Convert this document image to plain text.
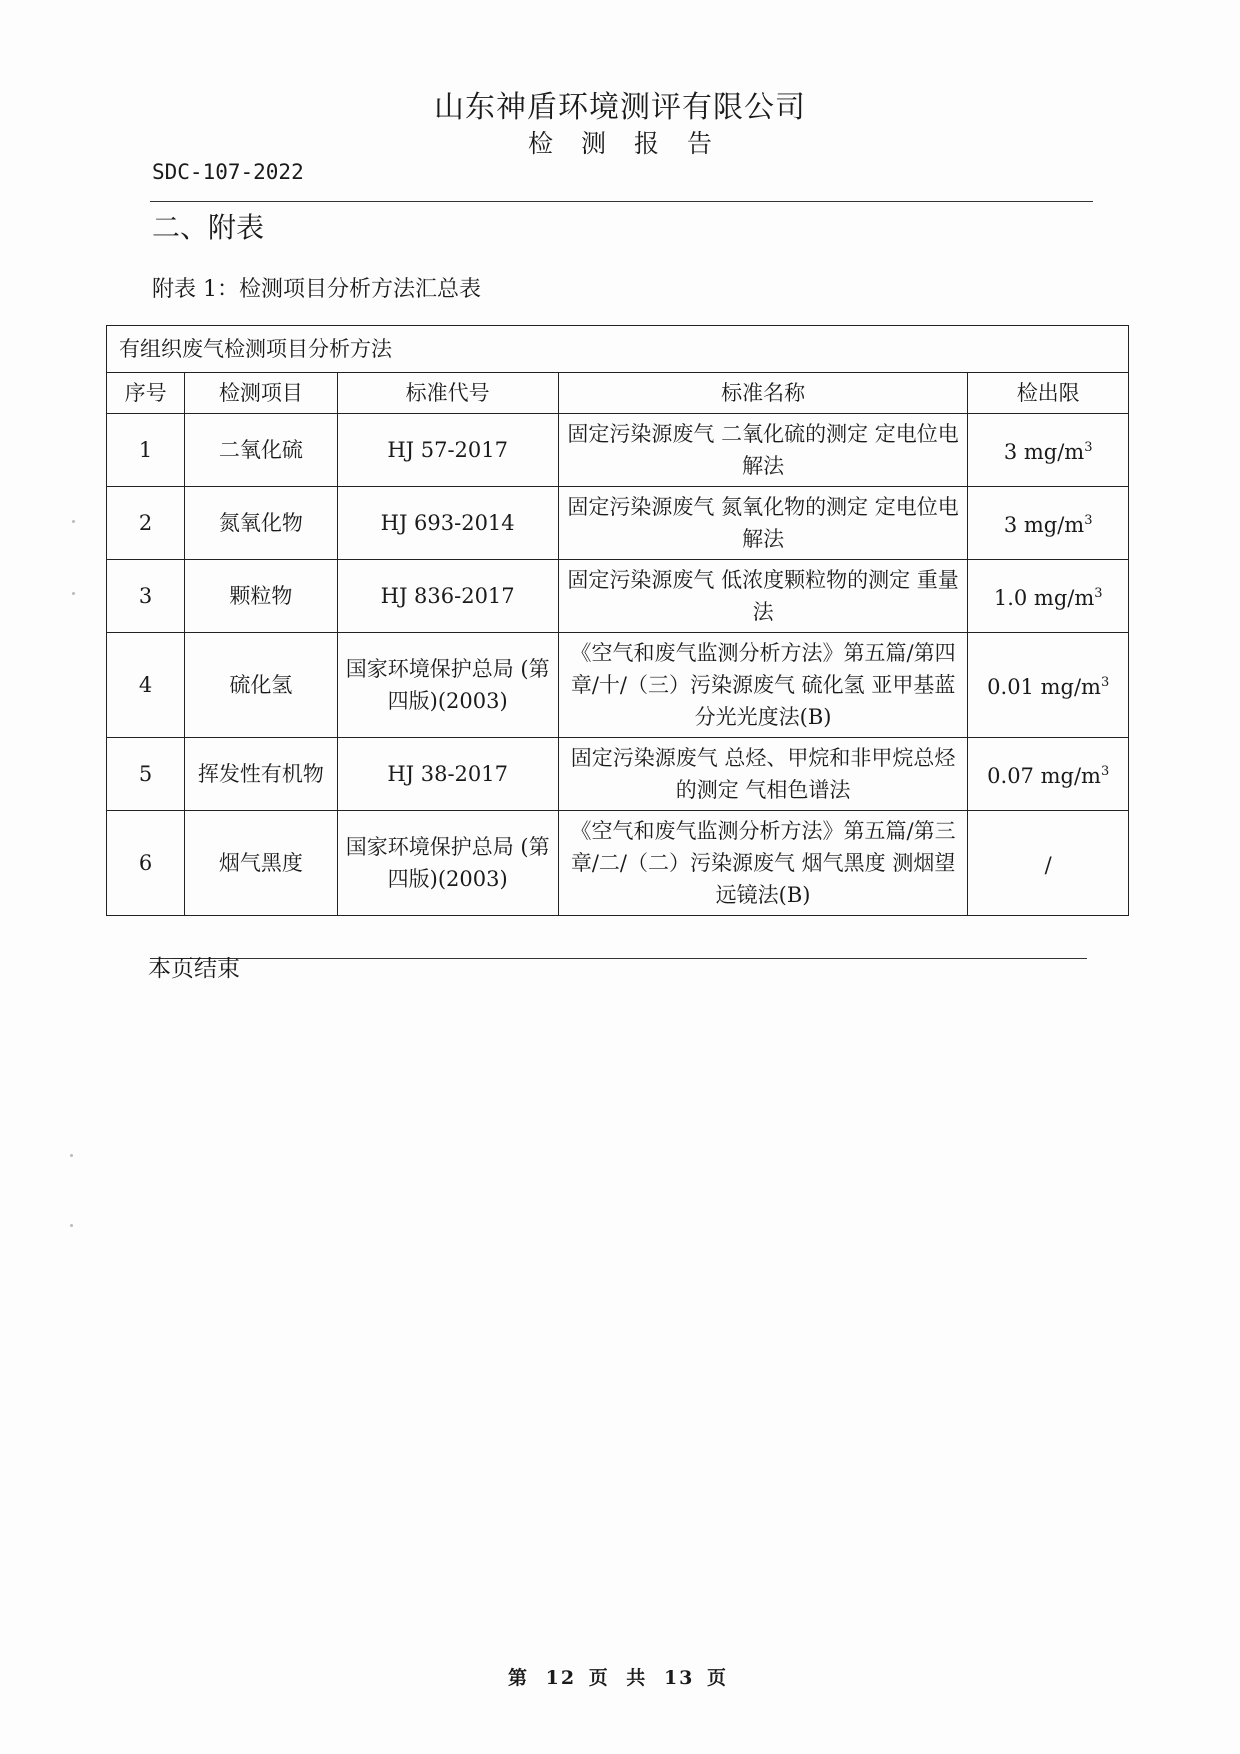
山东神盾环境测评有限公司
检测报告
SDC-107-2022
二、附表
附表 1：检测项目分析方法汇总表
有组织废气检测项目分析方法				
序号	检测项目	标准代号	标准名称	检出限
1	二氧化硫	HJ 57-2017	固定污染源废气 二氧化硫的测定 定电位电解法	3 $mg/m^3$
2	氮氧化物	HJ 693-2014	固定污染源废气 氮氧化物的测定 定电位电解法	3 $mg/m^3$
3	颗粒物	HJ 836-2017	固定污染源废气 低浓度颗粒物的测定 重量法	1.0 $mg/m^3$
4	硫化氢	国家环境保护总局 (第四版)(2003)	《空气和废气监测分析方法》第五篇/第四章/十/（三）污染源废气 硫化氢 亚甲基蓝分光光度法(B)	0.01 $mg/m^3$
5	挥发性有机物	HJ 38-2017	固定污染源废气 总烃、甲烷和非甲烷总烃的测定 气相色谱法	0.07 $mg/m^3$
6	烟气黑度	国家环境保护总局 (第四版)(2003)	《空气和废气监测分析方法》第五篇/第三章/二/（二）污染源废气 烟气黑度 测烟望远镜法(B)	/
本页结束
第 12 页 共 13 页
